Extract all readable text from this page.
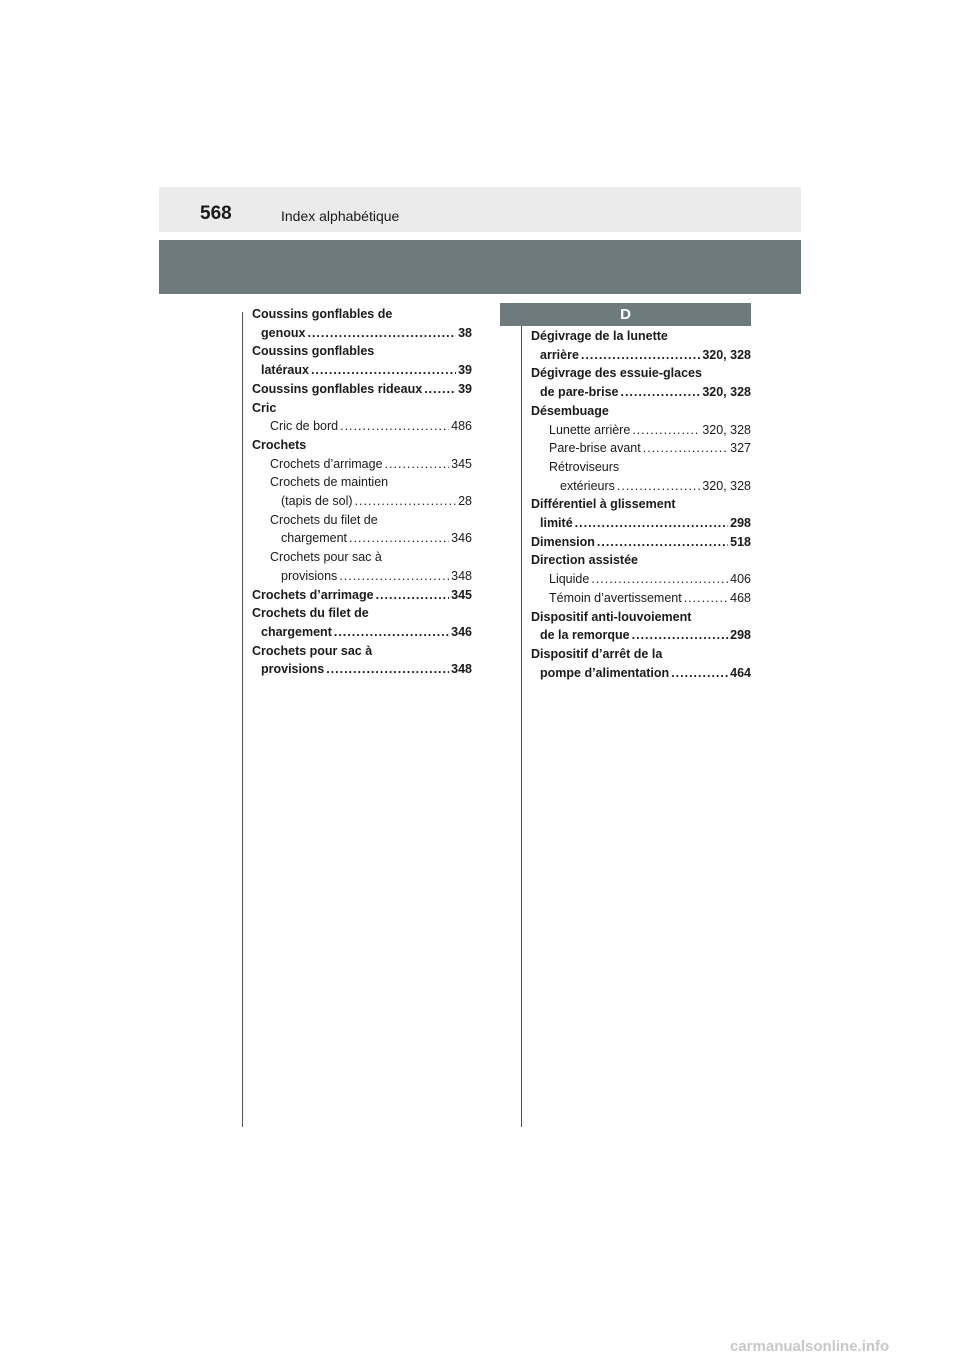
568	Index alphabétique
D
Coussins gonflables de
genoux .....	38
Coussins gonflables
latéraux .....	39
Coussins gonflables rideaux .....	39
Cric
Cric de bord .....	486
Crochets
Crochets d’arrimage .....	345
Crochets de maintien
(tapis de sol) .....	28
Crochets du filet de
chargement .....	346
Crochets pour sac à
provisions .....	348
Crochets d’arrimage .....	345
Crochets du filet de
chargement .....	346
Crochets pour sac à
provisions .....	348
Dégivrage de la lunette
arrière .....	320, 328
Dégivrage des essuie-glaces
de pare-brise .....	320, 328
Désembuage
Lunette arrière .....	320, 328
Pare-brise avant .....	327
Rétroviseurs
extérieurs .....	320, 328
Différentiel à glissement
limité .....	298
Dimension .....	518
Direction assistée
Liquide .....	406
Témoin d’avertissement .....	468
Dispositif anti-louvoiement
de la remorque .....	298
Dispositif d’arrêt de la
pompe d’alimentation .....	464
carmanualsonline.info
